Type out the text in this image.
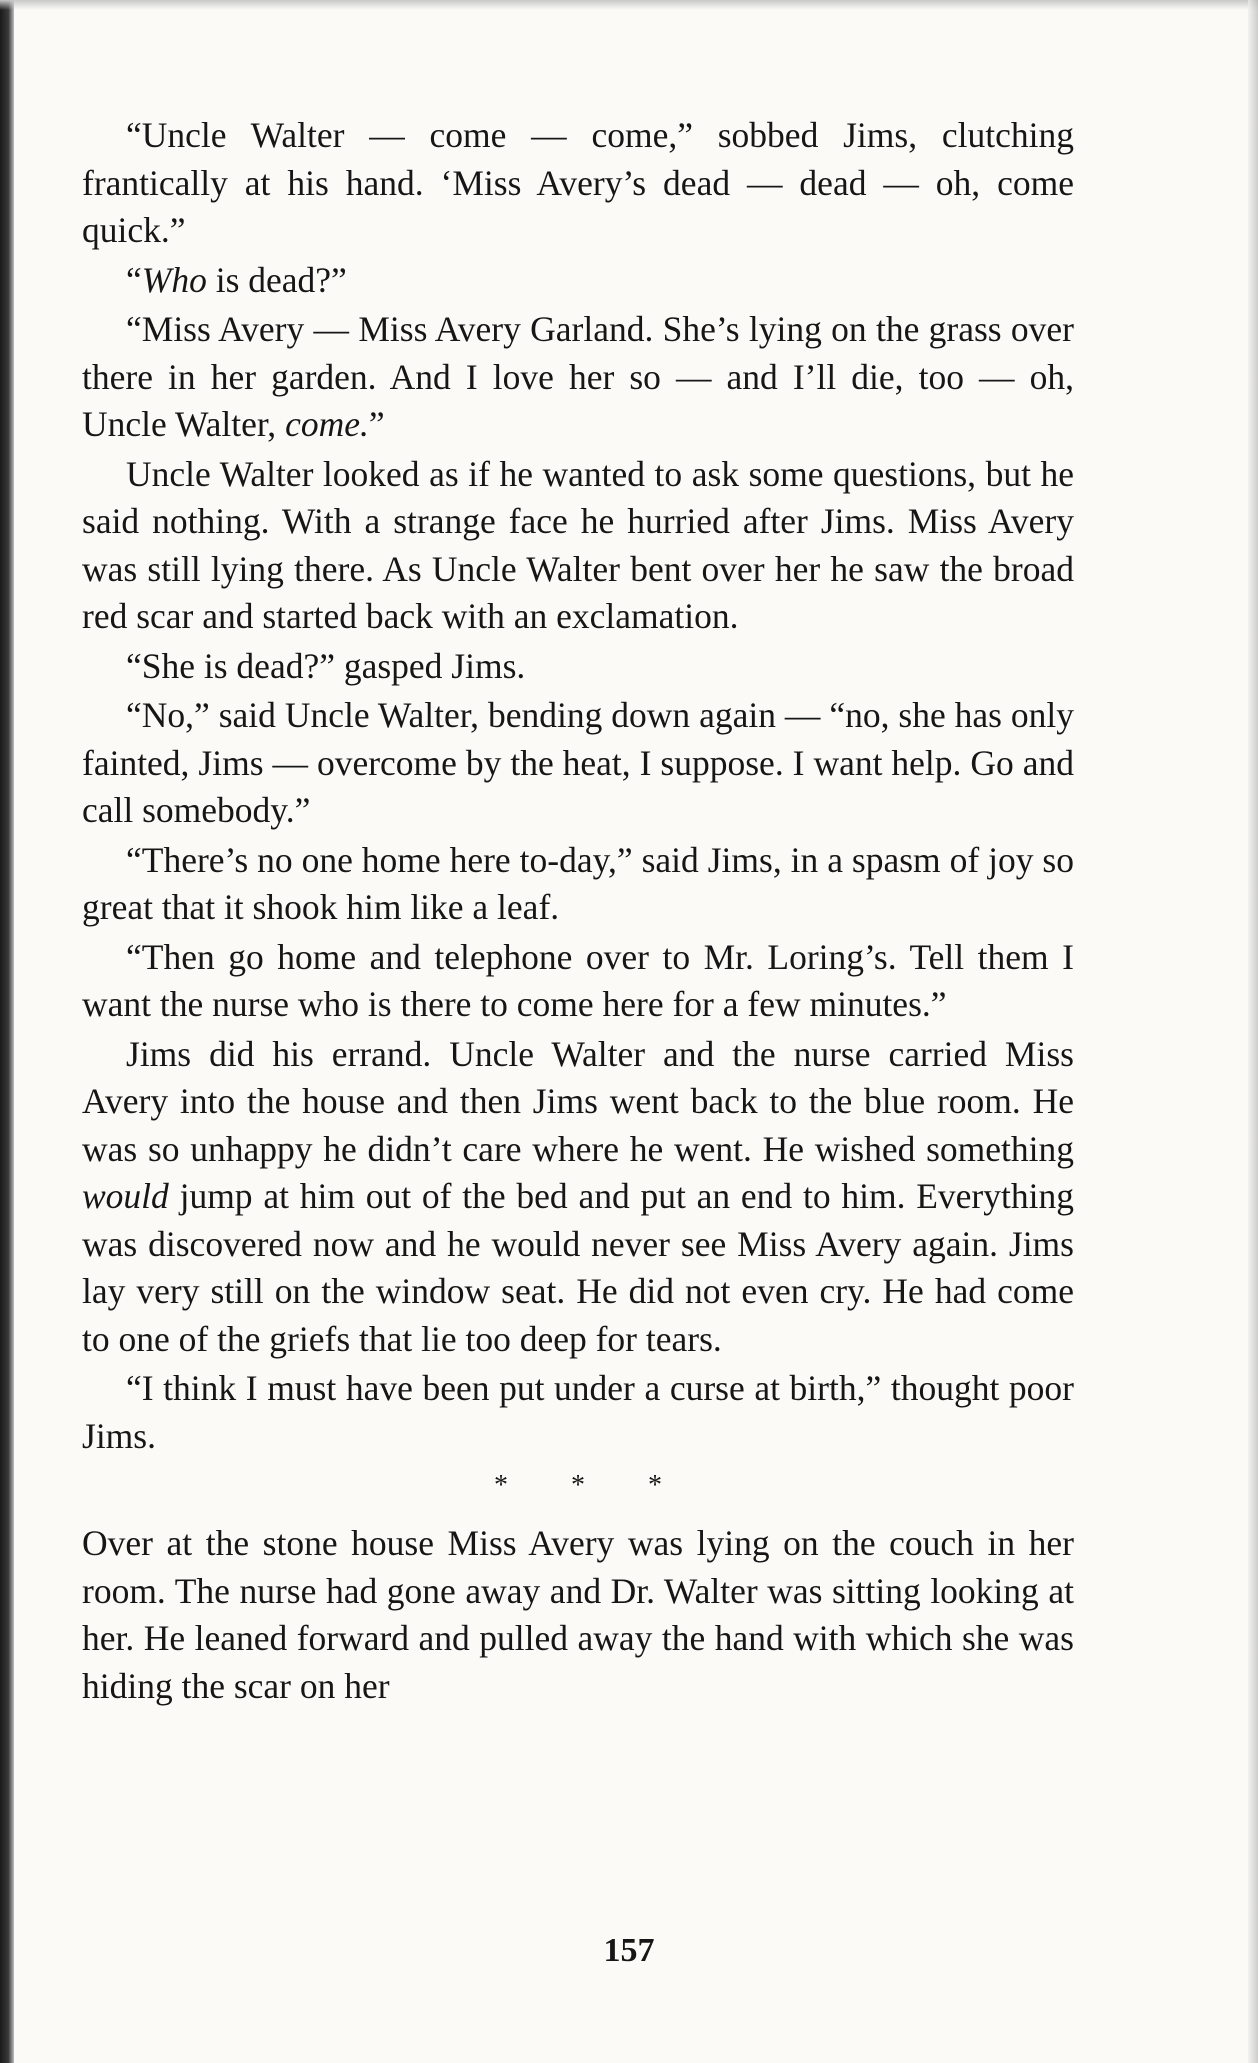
“Uncle Walter — come — come,” sobbed Jims, clutching frantically at his hand. ‘Miss Avery’s dead — dead — oh, come quick.”

“Who is dead?”

“Miss Avery — Miss Avery Garland. She’s lying on the grass over there in her garden. And I love her so — and I’ll die, too — oh, Uncle Walter, come.”

Uncle Walter looked as if he wanted to ask some questions, but he said nothing. With a strange face he hurried after Jims. Miss Avery was still lying there. As Uncle Walter bent over her he saw the broad red scar and started back with an exclamation.

“She is dead?” gasped Jims.

“No,” said Uncle Walter, bending down again — “no, she has only fainted, Jims — overcome by the heat, I suppose. I want help. Go and call somebody.”

“There’s no one home here to-day,” said Jims, in a spasm of joy so great that it shook him like a leaf.

“Then go home and telephone over to Mr. Loring’s. Tell them I want the nurse who is there to come here for a few minutes.”

Jims did his errand. Uncle Walter and the nurse carried Miss Avery into the house and then Jims went back to the blue room. He was so unhappy he didn’t care where he went. He wished something would jump at him out of the bed and put an end to him. Everything was discovered now and he would never see Miss Avery again. Jims lay very still on the window seat. He did not even cry. He had come to one of the griefs that lie too deep for tears.

“I think I must have been put under a curse at birth,” thought poor Jims.

* * *

Over at the stone house Miss Avery was lying on the couch in her room. The nurse had gone away and Dr. Walter was sitting looking at her. He leaned forward and pulled away the hand with which she was hiding the scar on her

157
